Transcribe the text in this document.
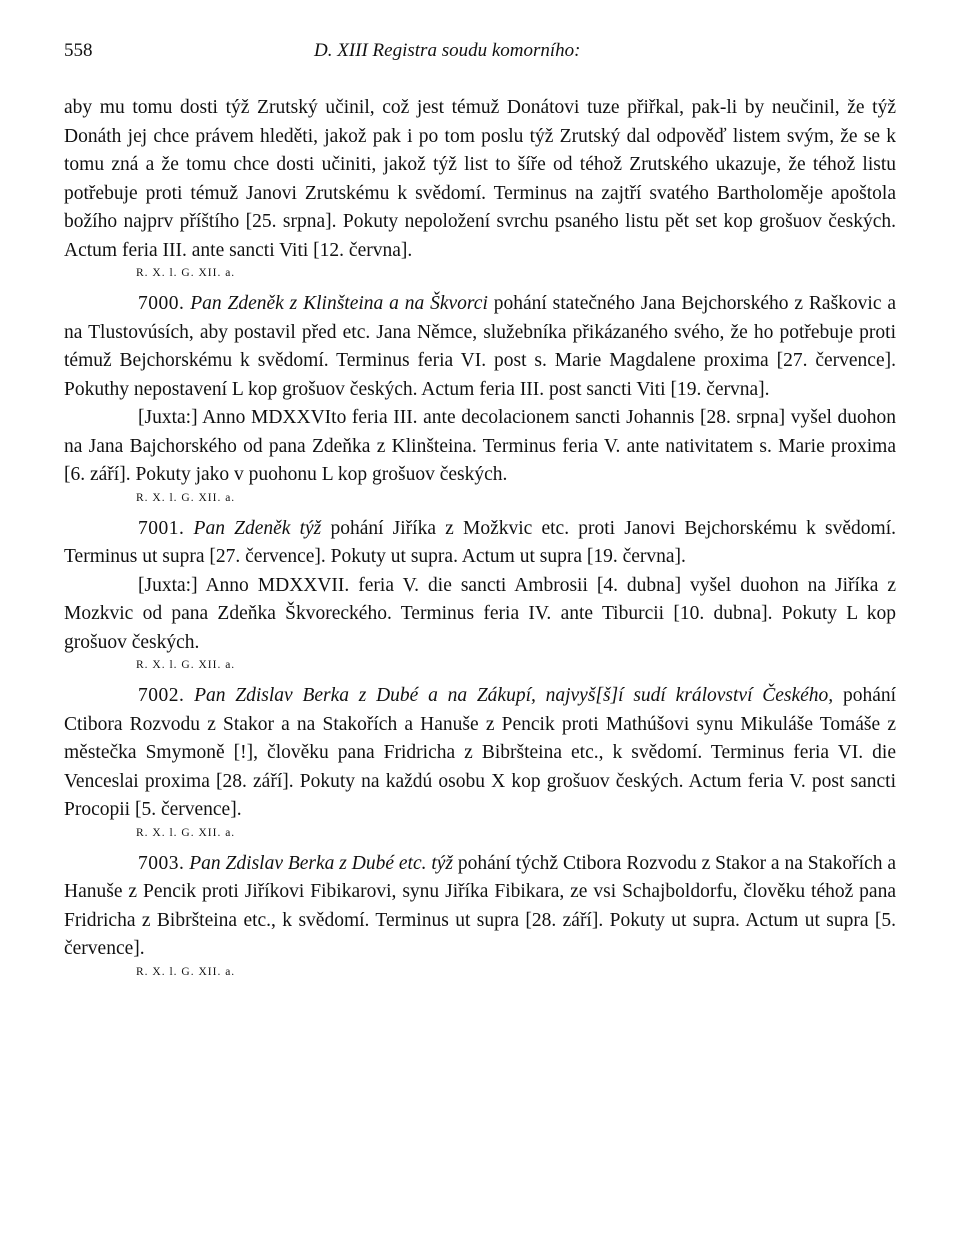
558	D. XIII Registra soudu komorního:

aby mu tomu dosti týž Zrutský učinil, což jest témuž Donátovi tuze přiřkal, pak-li by neučinil, že týž Donáth jej chce právem hleděti, jakož pak i po tom poslu týž Zrutský dal odpověď listem svým, že se k tomu zná a že tomu chce dosti učiniti, jakož týž list to šíře od téhož Zrutského ukazuje, že téhož listu potřebuje proti témuž Janovi Zrutskému k svědomí. Terminus na zajtří svatého Bartholoměje apoštola božího najprv příštího [25. srpna]. Pokuty nepoložení svrchu psaného listu pět set kop grošuov českých. Actum feria III. ante sancti Viti [12. června].

R. X. l. G. XII. a.

7000. Pan Zdeněk z Klinšteina a na Škvorci pohání statečného Jana Bejchorského z Raškovic a na Tlustovúsích, aby postavil před etc. Jana Němce, služebníka přikázaného svého, že ho potřebuje proti témuž Bejchorskému k svědomí. Terminus feria VI. post s. Marie Magdalene proxima [27. července]. Pokuthy nepostavení L kop grošuov českých. Actum feria III. post sancti Viti [19. června].

[Juxta:] Anno MDXXVIto feria III. ante decolacionem sancti Johannis [28. srpna] vyšel duohon na Jana Bajchorského od pana Zdeňka z Klinšteina. Terminus feria V. ante nativitatem s. Marie proxima [6. září]. Pokuty jako v puohonu L kop grošuov českých.

R. X. l. G. XII. a.

7001. Pan Zdeněk týž pohání Jiříka z Možkvic etc. proti Janovi Bejchorskému k svědomí. Terminus ut supra [27. července]. Pokuty ut supra. Actum ut supra [19. června].

[Juxta:] Anno MDXXVII. feria V. die sancti Ambrosii [4. dubna] vyšel duohon na Jiříka z Mozkvic od pana Zdeňka Škvoreckého. Terminus feria IV. ante Tiburcii [10. dubna]. Pokuty L kop grošuov českých.

R. X. l. G. XII. a.

7002. Pan Zdislav Berka z Dubé a na Zákupí, najvyš[š]í sudí království Českého, pohání Ctibora Rozvodu z Stakor a na Stakořích a Hanuše z Pencik proti Mathúšovi synu Mikuláše Tomáše z městečka Smymoně [!], člověku pana Fridricha z Bibršteina etc., k svědomí. Terminus feria VI. die Venceslai proxima [28. září]. Pokuty na každú osobu X kop grošuov českých. Actum feria V. post sancti Procopii [5. července].

R. X. l. G. XII. a.

7003. Pan Zdislav Berka z Dubé etc. týž pohání týchž Ctibora Rozvodu z Stakor a na Stakořích a Hanuše z Pencik proti Jiříkovi Fibikarovi, synu Jiříka Fibikara, ze vsi Schajboldorfu, člověku téhož pana Fridricha z Bibršteina etc., k svědomí. Terminus ut supra [28. září]. Pokuty ut supra. Actum ut supra [5. července].

R. X. l. G. XII. a.
